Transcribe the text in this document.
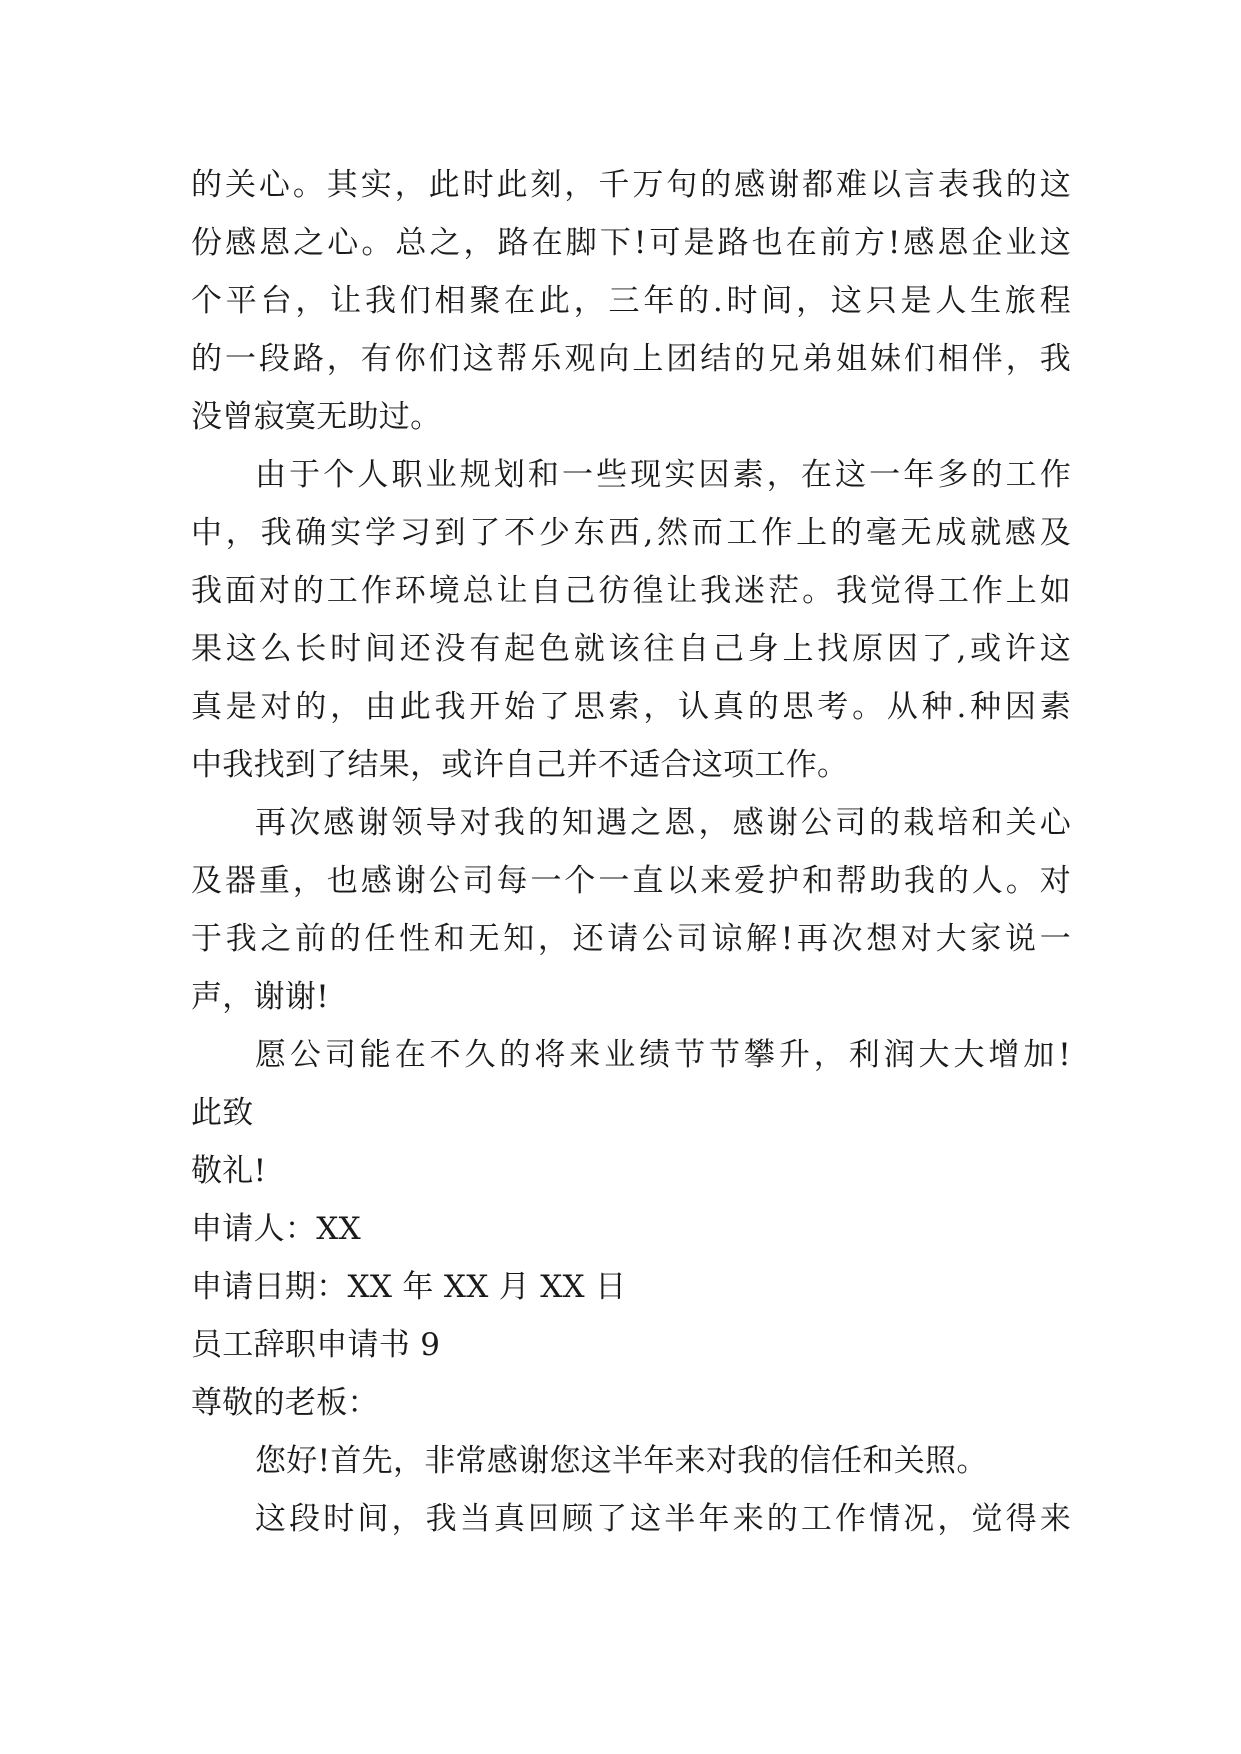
的关心。其实，此时此刻，千万句的感谢都难以言表我的这
份感恩之心。总之，路在脚下!可是路也在前方!感恩企业这
个平台，让我们相聚在此，三年的.时间，这只是人生旅程
的一段路，有你们这帮乐观向上团结的兄弟姐妹们相伴，我
没曾寂寞无助过。
由于个人职业规划和一些现实因素，在这一年多的工作
中，我确实学习到了不少东西,然而工作上的毫无成就感及
我面对的工作环境总让自己彷徨让我迷茫。我觉得工作上如
果这么长时间还没有起色就该往自己身上找原因了,或许这
真是对的，由此我开始了思索，认真的思考。从种.种因素
中我找到了结果，或许自己并不适合这项工作。
再次感谢领导对我的知遇之恩，感谢公司的栽培和关心
及器重，也感谢公司每一个一直以来爱护和帮助我的人。对
于我之前的任性和无知，还请公司谅解!再次想对大家说一
声，谢谢!
愿公司能在不久的将来业绩节节攀升，利润大大增加!
此致
敬礼!
申请人：XX
申请日期：XX 年 XX 月 XX 日
员工辞职申请书 9
尊敬的老板：
您好!首先，非常感谢您这半年来对我的信任和关照。
这段时间，我当真回顾了这半年来的工作情况，觉得来
